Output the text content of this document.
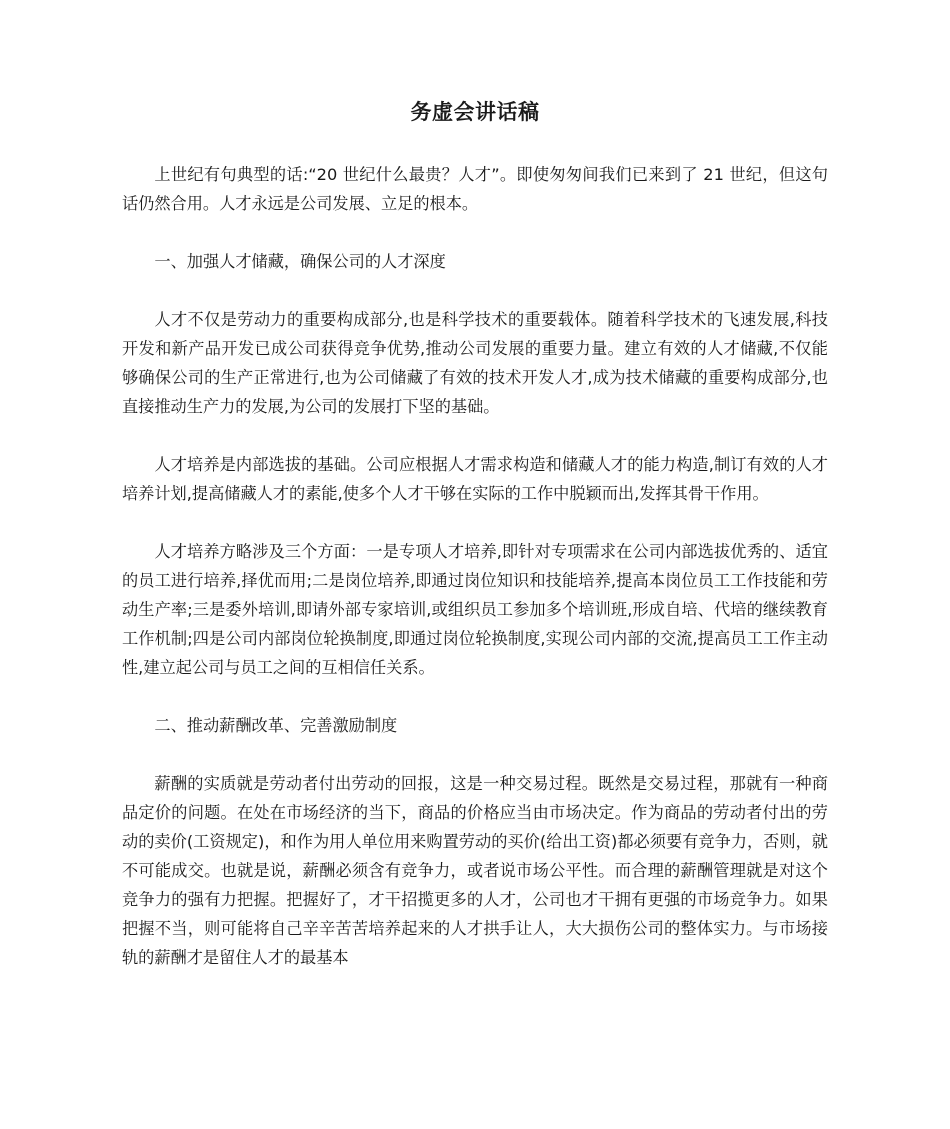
务虚会讲话稿

上世纪有句典型的话:“20 世纪什么最贵？人才”。即使匆匆间我们已来到了 21 世纪，但这句话仍然合用。人才永远是公司发展、立足的根本。

一、加强人才储藏，确保公司的人才深度

人才不仅是劳动力的重要构成部分,也是科学技术的重要载体。随着科学技术的飞速发展,科技开发和新产品开发已成公司获得竞争优势,推动公司发展的重要力量。建立有效的人才储藏,不仅能够确保公司的生产正常进行,也为公司储藏了有效的技术开发人才,成为技术储藏的重要构成部分,也直接推动生产力的发展,为公司的发展打下坚的基础。

人才培养是内部选拔的基础。公司应根据人才需求构造和储藏人才的能力构造,制订有效的人才培养计划,提高储藏人才的素能,使多个人才干够在实际的工作中脱颖而出,发挥其骨干作用。

人才培养方略涉及三个方面：一是专项人才培养,即针对专项需求在公司内部选拔优秀的、适宜的员工进行培养,择优而用;二是岗位培养,即通过岗位知识和技能培养,提高本岗位员工工作技能和劳动生产率;三是委外培训,即请外部专家培训,或组织员工参加多个培训班,形成自培、代培的继续教育工作机制;四是公司内部岗位轮换制度,即通过岗位轮换制度,实现公司内部的交流,提高员工工作主动性,建立起公司与员工之间的互相信任关系。

二、推动薪酬改革、完善激励制度

薪酬的实质就是劳动者付出劳动的回报，这是一种交易过程。既然是交易过程，那就有一种商品定价的问题。在处在市场经济的当下，商品的价格应当由市场决定。作为商品的劳动者付出的劳动的卖价(工资规定)，和作为用人单位用来购置劳动的买价(给出工资)都必须要有竞争力，否则，就不可能成交。也就是说，薪酬必须含有竞争力，或者说市场公平性。而合理的薪酬管理就是对这个竞争力的强有力把握。把握好了，才干招揽更多的人才，公司也才干拥有更强的市场竞争力。如果把握不当，则可能将自己辛辛苦苦培养起来的人才拱手让人，大大损伤公司的整体实力。与市场接轨的薪酬才是留住人才的最基本
